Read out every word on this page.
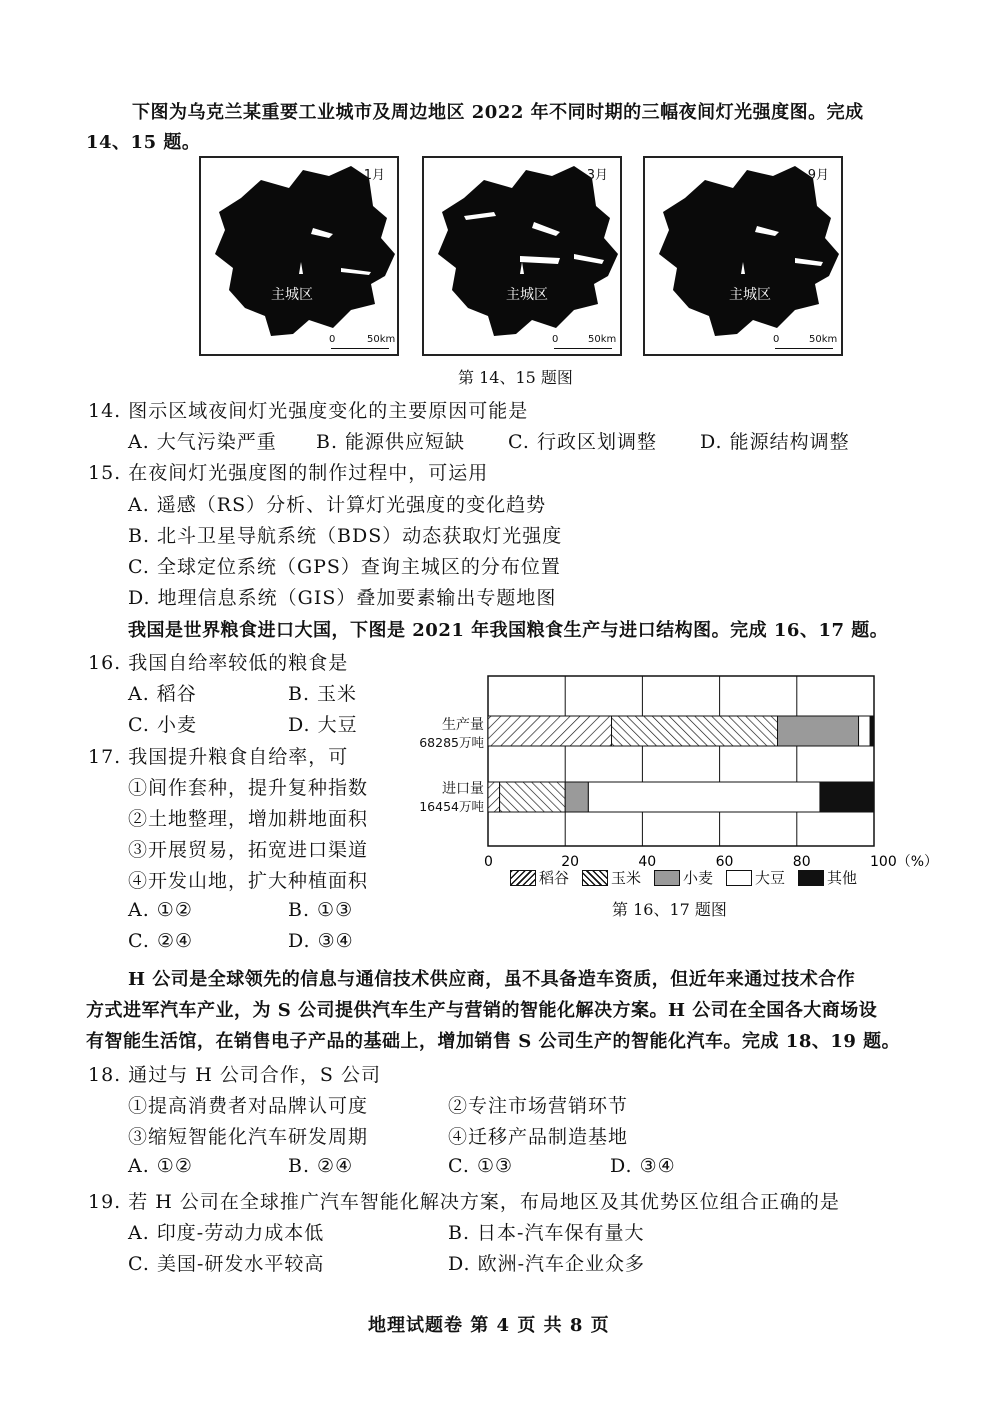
下图为乌克兰某重要工业城市及周边地区 2022 年不同时期的三幅夜间灯光强度图。完成
14、15 题。
1月
主城区
0	50km
3月
主城区
0	50km
9月
主城区
0	50km
第 14、15 题图
14. 图示区域夜间灯光强度变化的主要原因可能是
A. 大气污染严重 B. 能源供应短缺 C. 行政区划调整 D. 能源结构调整
15. 在夜间灯光强度图的制作过程中，可运用
A. 遥感（RS）分析、计算灯光强度的变化趋势
B. 北斗卫星导航系统（BDS）动态获取灯光强度
C. 全球定位系统（GPS）查询主城区的分布位置
D. 地理信息系统（GIS）叠加要素输出专题地图
我国是世界粮食进口大国，下图是 2021 年我国粮食生产与进口结构图。完成 16、17 题。
16. 我国自给率较低的粮食是
A. 稻谷	B. 玉米
C. 小麦	D. 大豆
17. 我国提升粮食自给率，可
①间作套种，提升复种指数
②土地整理，增加耕地面积
③开展贸易，拓宽进口渠道
④开发山地，扩大种植面积
A. ①②	B. ①③
C. ②④	D. ③④
0	20	40	60	80	100（%）
生产量
68285万吨
进口量
16454万吨
稻谷	玉米	小麦	大豆	其他
第 16、17 题图
H 公司是全球领先的信息与通信技术供应商，虽不具备造车资质，但近年来通过技术合作
方式进军汽车产业，为 S 公司提供汽车生产与营销的智能化解决方案。H 公司在全国各大商场设
有智能生活馆，在销售电子产品的基础上，增加销售 S 公司生产的智能化汽车。完成 18、19 题。
18. 通过与 H 公司合作，S 公司
①提高消费者对品牌认可度	②专注市场营销环节
③缩短智能化汽车研发周期	④迁移产品制造基地
A. ①②	B. ②④	C. ①③	D. ③④
19. 若 H 公司在全球推广汽车智能化解决方案，布局地区及其优势区位组合正确的是
A. 印度-劳动力成本低	B. 日本-汽车保有量大
C. 美国-研发水平较高	D. 欧洲-汽车企业众多
地理试题卷 第 4 页 共 8 页
